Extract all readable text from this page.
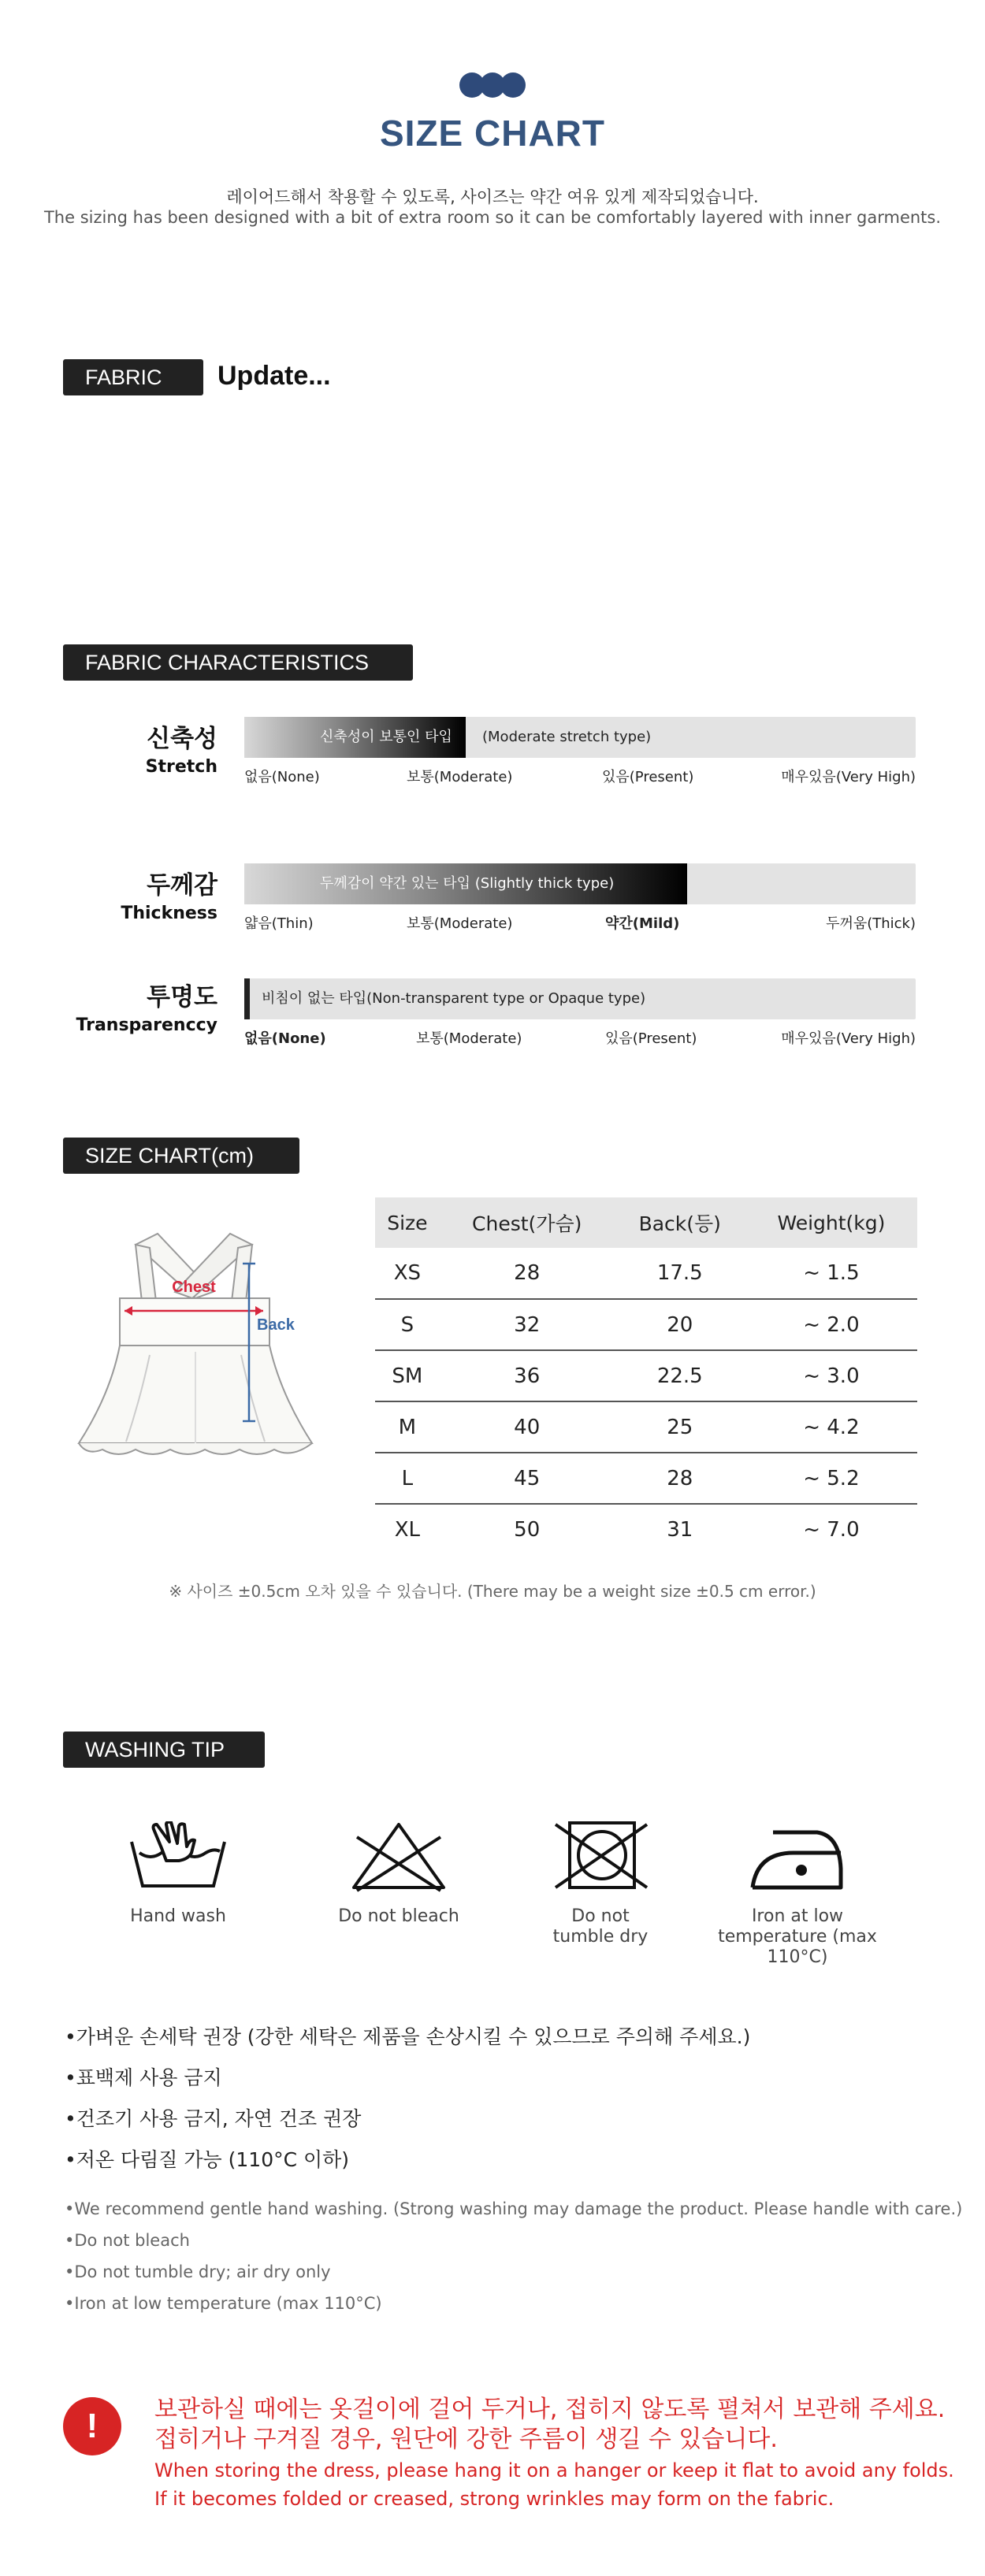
SIZE CHART
레이어드해서 착용할 수 있도록, 사이즈는 약간 여유 있게 제작되었습니다.
The sizing has been designed with a bit of extra room so it can be comfortably layered with inner garments.
FABRIC	Update...
FABRIC CHARACTERISTICS
신축성
Stretch
신축성이 보통인 타입 (Moderate stretch type)
없음(None)	보통(Moderate)	있음(Present)	매우있음(Very High)
두께감
Thickness
두께감이 약간 있는 타입 (Slightly thick type)
얇음(Thin)	보통(Moderate)	약간(Mild)	두꺼움(Thick)
투명도
Transparenccy
비침이 없는 타입(Non-transparent type or Opaque type)
없음(None)	보통(Moderate)	있음(Present)	매우있음(Very High)
SIZE CHART(cm)
Chest
Back
Size	Chest(가슴)	Back(등)	Weight(kg)
XS	28	17.5	~ 1.5
S	32	20	~ 2.0
SM	36	22.5	~ 3.0
M	40	25	~ 4.2
L	45	28	~ 5.2
XL	50	31	~ 7.0
※ 사이즈 ±0.5cm 오차 있을 수 있습니다. (There may be a weight size ±0.5 cm error.)
WASHING TIP
Hand wash	Do not bleach	Do not
tumble dry
Iron at low
temperature (max 110°C)
•가벼운 손세탁 권장 (강한 세탁은 제품을 손상시킬 수 있으므로 주의해 주세요.)
•표백제 사용 금지
•건조기 사용 금지, 자연 건조 권장
•저온 다림질 가능 (110°C 이하)
•We recommend gentle hand washing. (Strong washing may damage the product. Please handle with care.)
•Do not bleach
•Do not tumble dry; air dry only
•Iron at low temperature (max 110°C)
!	보관하실 때에는 옷걸이에 걸어 두거나, 접히지 않도록 펼쳐서 보관해 주세요.
접히거나 구겨질 경우, 원단에 강한 주름이 생길 수 있습니다.
When storing the dress, please hang it on a hanger or keep it flat to avoid any folds.
If it becomes folded or creased, strong wrinkles may form on the fabric.
